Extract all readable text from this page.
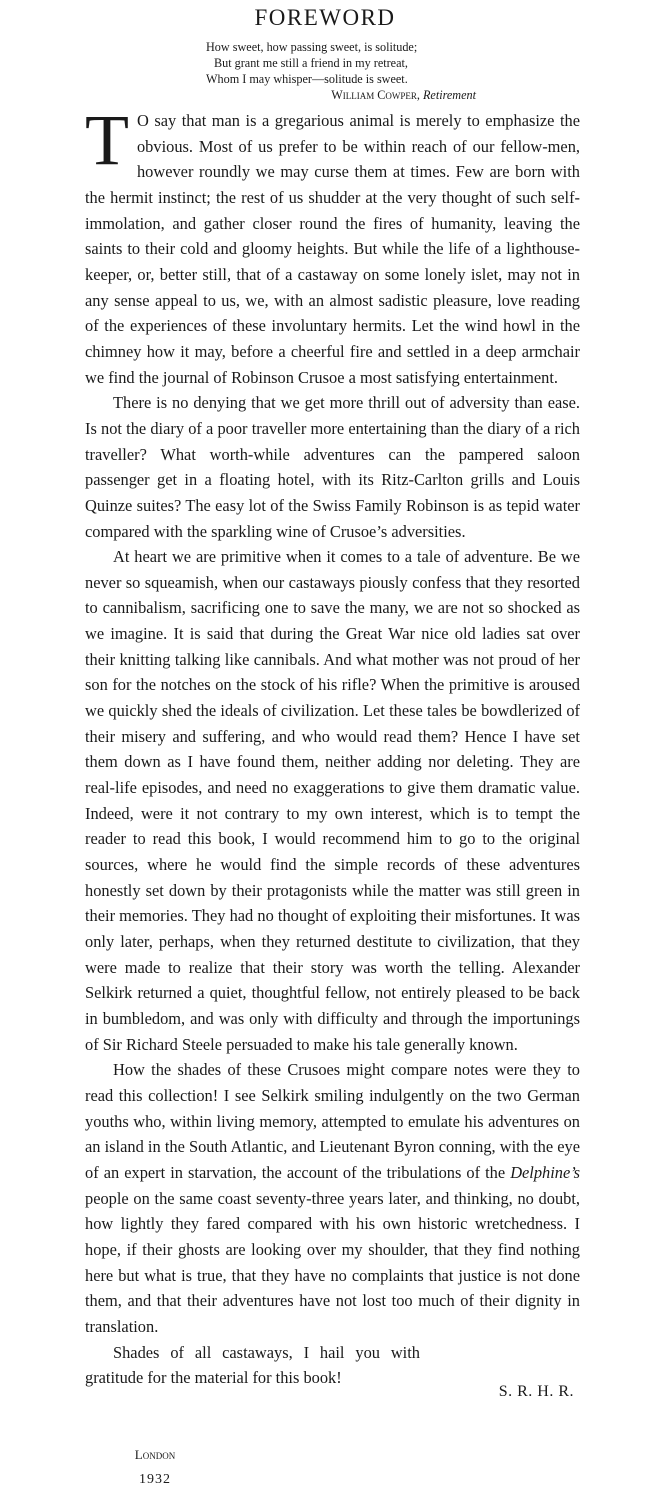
FOREWORD
How sweet, how passing sweet, is solitude;
But grant me still a friend in my retreat,
Whom I may whisper—solitude is sweet.
William Cowper, Retirement

T O say that man is a gregarious animal is merely to emphasize the obvious. Most of us prefer to be within reach of our fellow-men, however roundly we may curse them at times. Few are born with the hermit instinct; the rest of us shudder at the very thought of such self-immolation, and gather closer round the fires of humanity, leaving the saints to their cold and gloomy heights. But while the life of a lighthouse-keeper, or, better still, that of a castaway on some lonely islet, may not in any sense appeal to us, we, with an almost sadistic pleasure, love reading of the experiences of these involuntary hermits. Let the wind howl in the chimney how it may, before a cheerful fire and settled in a deep armchair we find the journal of Robinson Crusoe a most satisfying entertainment.

There is no denying that we get more thrill out of adversity than ease. Is not the diary of a poor traveller more entertaining than the diary of a rich traveller? What worth-while adventures can the pampered saloon passenger get in a floating hotel, with its Ritz-Carlton grills and Louis Quinze suites? The easy lot of the Swiss Family Robinson is as tepid water compared with the sparkling wine of Crusoe’s adversities.

At heart we are primitive when it comes to a tale of adventure. Be we never so squeamish, when our castaways piously confess that they resorted to cannibalism, sacrificing one to save the many, we are not so shocked as we imagine. It is said that during the Great War nice old ladies sat over their knitting talking like cannibals. And what mother was not proud of her son for the notches on the stock of his rifle? When the primitive is aroused we quickly shed the ideals of civilization. Let these tales be bowdlerized of their misery and suffering, and who would read them? Hence I have set them down as I have found them, neither adding nor deleting. They are real-life episodes, and need no exaggerations to give them dramatic value. Indeed, were it not contrary to my own interest, which is to tempt the reader to read this book, I would recommend him to go to the original sources, where he would find the simple records of these adventures honestly set down by their protagonists while the matter was still green in their memories. They had no thought of exploiting their misfortunes. It was only later, perhaps, when they returned destitute to civilization, that they were made to realize that their story was worth the telling. Alexander Selkirk returned a quiet, thoughtful fellow, not entirely pleased to be back in bumbledom, and was only with difficulty and through the importunings of Sir Richard Steele persuaded to make his tale generally known.

How the shades of these Crusoes might compare notes were they to read this collection! I see Selkirk smiling indulgently on the two German youths who, within living memory, attempted to emulate his adventures on an island in the South Atlantic, and Lieutenant Byron conning, with the eye of an expert in starvation, the account of the tribulations of the Delphine’s people on the same coast seventy-three years later, and thinking, no doubt, how lightly they fared compared with his own historic wretchedness. I hope, if their ghosts are looking over my shoulder, that they find nothing here but what is true, that they have no complaints that justice is not done them, and that their adventures have not lost too much of their dignity in translation.

Shades of all castaways, I hail you with gratitude for the material for this book!

S. R. H. R.
London
1932
